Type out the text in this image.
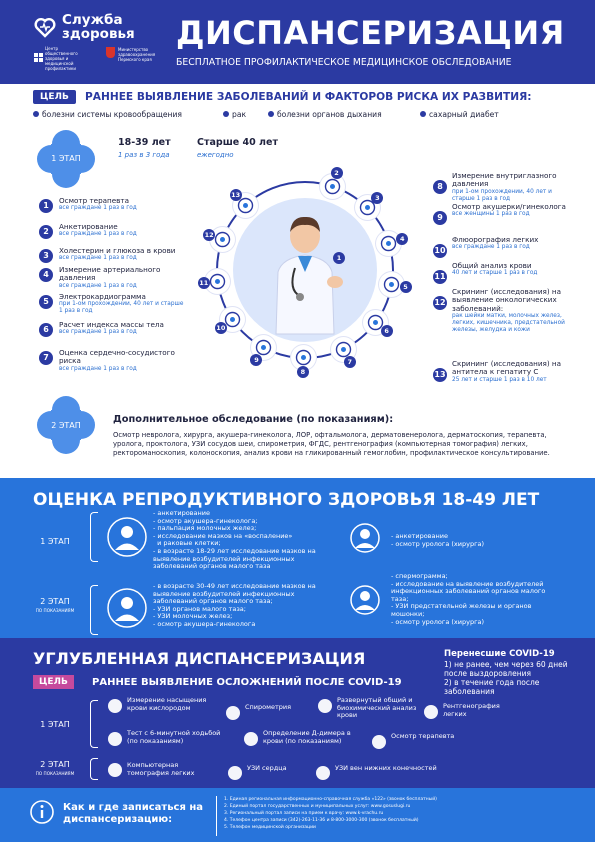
Служба
здоровья
Центр общественного здоровья и медицинской профилактики
Министерство здравоохранения Пермского края
ДИСПАНСЕРИЗАЦИЯ
БЕСПЛАТНОЕ ПРОФИЛАКТИЧЕСКОЕ МЕДИЦИНСКОЕ ОБСЛЕДОВАНИЕ
ЦЕЛЬ	РАННЕЕ ВЫЯВЛЕНИЕ ЗАБОЛЕВАНИЙ И ФАКТОРОВ РИСКА ИХ РАЗВИТИЯ:
болезни системы кровообращения	рак	болезни органов дыхания	сахарный диабет
1 ЭТАП
18-39 лет
1 раз в 3 года
Старше 40 лет
ежегодно
1
Осмотр терапевта
все граждане 1 раз в год
2
Анкетирование
все граждане 1 раз в год
3
Холестерин и глюкоза в крови
все граждане 1 раз в год
4
Измерение артериального давления
все граждане 1 раз в год
5
Электрокардиограмма
при 1-ом прохождении, 40 лет и старше 1 раз в год
6
Расчет индекса массы тела
все граждане 1 раз в год
7
Оценка сердечно-сосудистого риска
все граждане 1 раз в год
8
Измерение внутриглазного давления
при 1-ом прохождении, 40 лет и старше 1 раз в год
9
Осмотр акушерки/гинеколога
все женщины 1 раз в год
10
Флюорография легких
все граждане 1 раз в год
11
Общий анализ крови
40 лет и старше 1 раз в год
12
Скрининг (исследования) на выявление онкологических заболеваний:
рак шейки матки, молочных желез, легких, кишечника, предстательной железы, желудка и кожи
13
Скрининг (исследования) на антитела к гепатиту С
25 лет и старше 1 раз в 10 лет
1
2
3
4
5
6
7
8
9
10
11
12
13
2 ЭТАП
Дополнительное обследование (по показаниям):
Осмотр невролога, хирурга, акушера-гинеколога, ЛОР, офтальмолога, дерматовенеролога, дерматоскопия, терапевта, уролога, проктолога, УЗИ сосудов шеи, спирометрия, ФГДС, рентгенография (компьютерная томография) легких, ректороманоскопия, колоноскопия, анализ крови на гликированный гемоглобин, профилактическое консультирование.
ОЦЕНКА РЕПРОДУКТИВНОГО ЗДОРОВЬЯ 18-49 ЛЕТ
1 ЭТАП
2 ЭТАП
ПО ПОКАЗАНИЯМ
- анкетирование
- осмотр акушера-гинеколога;
- пальпация молочных желез;
- исследование мазков на «воспаление»
и раковые клетки;
- в возрасте 18-29 лет исследование мазков на
выявление возбудителей инфекционных
заболеваний органов малого таза
- анкетирование
- осмотр уролога (хирурга)
- в возрасте 30-49 лет исследование мазков на
выявление возбудителей инфекционных
заболеваний органов малого таза;
- УЗИ органов малого таза;
- УЗИ молочных желез;
- осмотр акушера-гинеколога
- спермограмма;
- исследование на выявление возбудителей
инфекционных заболеваний органов малого
таза;
- УЗИ предстательной железы и органов
мошонки;
- осмотр уролога (хирурга)
УГЛУБЛЕННАЯ ДИСПАНСЕРИЗАЦИЯ
ЦЕЛЬ	РАННЕЕ ВЫЯВЛЕНИЕ ОСЛОЖНЕНИЙ ПОСЛЕ COVID-19
Перенесшие COVID-19
1) не ранее, чем через 60 дней после выздоровления
2) в течение года после заболевания
1 ЭТАП
2 ЭТАП
ПО ПОКАЗАНИЯМ
Измерение насыщения крови кислородом	Спирометрия
Развернутый общий и биохимический анализ крови
Рентгенография легких
Тест с 6-минутной ходьбой (по показаниям)
Определение Д-димера в крови (по показаниям)
Осмотр терапевта
Компьютерная томография легких
УЗИ сердца	УЗИ вен нижних конечностей
Как и где записаться на диспансеризацию:
1. Единая региональная информационно-справочная служба «122» (звонок бесплатный)
2. Единый портал государственных и муниципальных услуг: www.gosuslugi.ru
3. Региональный портал записи на прием к врачу: www.k-vrachu.ru
4. Телефон центра записи (342)-263-11-36 и 8-800-3000-300 (звонок бесплатный)
5. Телефон медицинской организации
